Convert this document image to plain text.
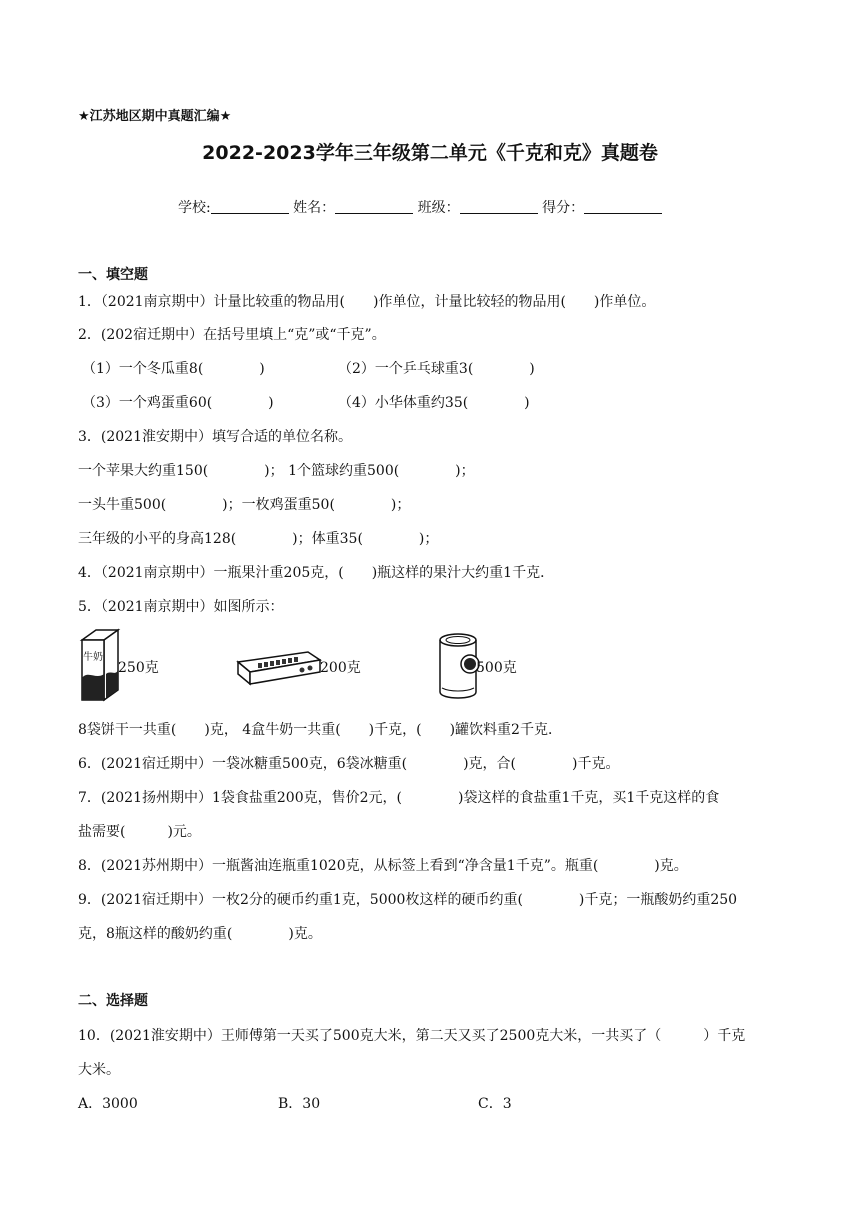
★江苏地区期中真题汇编★
2022-2023学年三年级第二单元《千克和克》真题卷
学校:	姓名：	班级：	得分：
一、填空题
1．（2021南京期中）计量比较重的物品用(　　)作单位，计量比较轻的物品用(　　)作单位。
2．(202宿迁期中）在括号里填上“克”或“千克”。
（1）一个冬瓜重8(　　　　)	（2）一个乒乓球重3(　　　　)
（3）一个鸡蛋重60(　　　　)	（4）小华体重约35(　　　　)
3．(2021淮安期中）填写合适的单位名称。
一个苹果大约重150(　　　　)； 1个篮球约重500(　　　　)；
一头牛重500(　　　　)；一枚鸡蛋重50(　　　　)；
三年级的小平的身高128(　　　　)；体重35(　　　　)；
4．（2021南京期中）一瓶果汁重205克，(　　)瓶这样的果汁大约重1千克．
5．（2021南京期中）如图所示：
牛奶
250克	200克	500克
8袋饼干一共重(　　)克， 4盒牛奶一共重(　　)千克，(　　)罐饮料重2千克．
6．(2021宿迁期中）一袋冰糖重500克，6袋冰糖重(　　　　)克，合(　　　　)千克。
7．(2021扬州期中）1袋食盐重200克，售价2元，(　　　　)袋这样的食盐重1千克，买1千克这样的食
盐需要(　　　)元。
8．(2021苏州期中）一瓶酱油连瓶重1020克，从标签上看到“净含量1千克”。瓶重(　　　　)克。
9．(2021宿迁期中）一枚2分的硬币约重1克，5000枚这样的硬币约重(　　　　)千克；一瓶酸奶约重250
克，8瓶这样的酸奶约重(　　　　)克。
二、选择题
10．(2021淮安期中）王师傅第一天买了500克大米，第二天又买了2500克大米，一共买了（　　　）千克
大米。
A．3000	B．30	C．3
